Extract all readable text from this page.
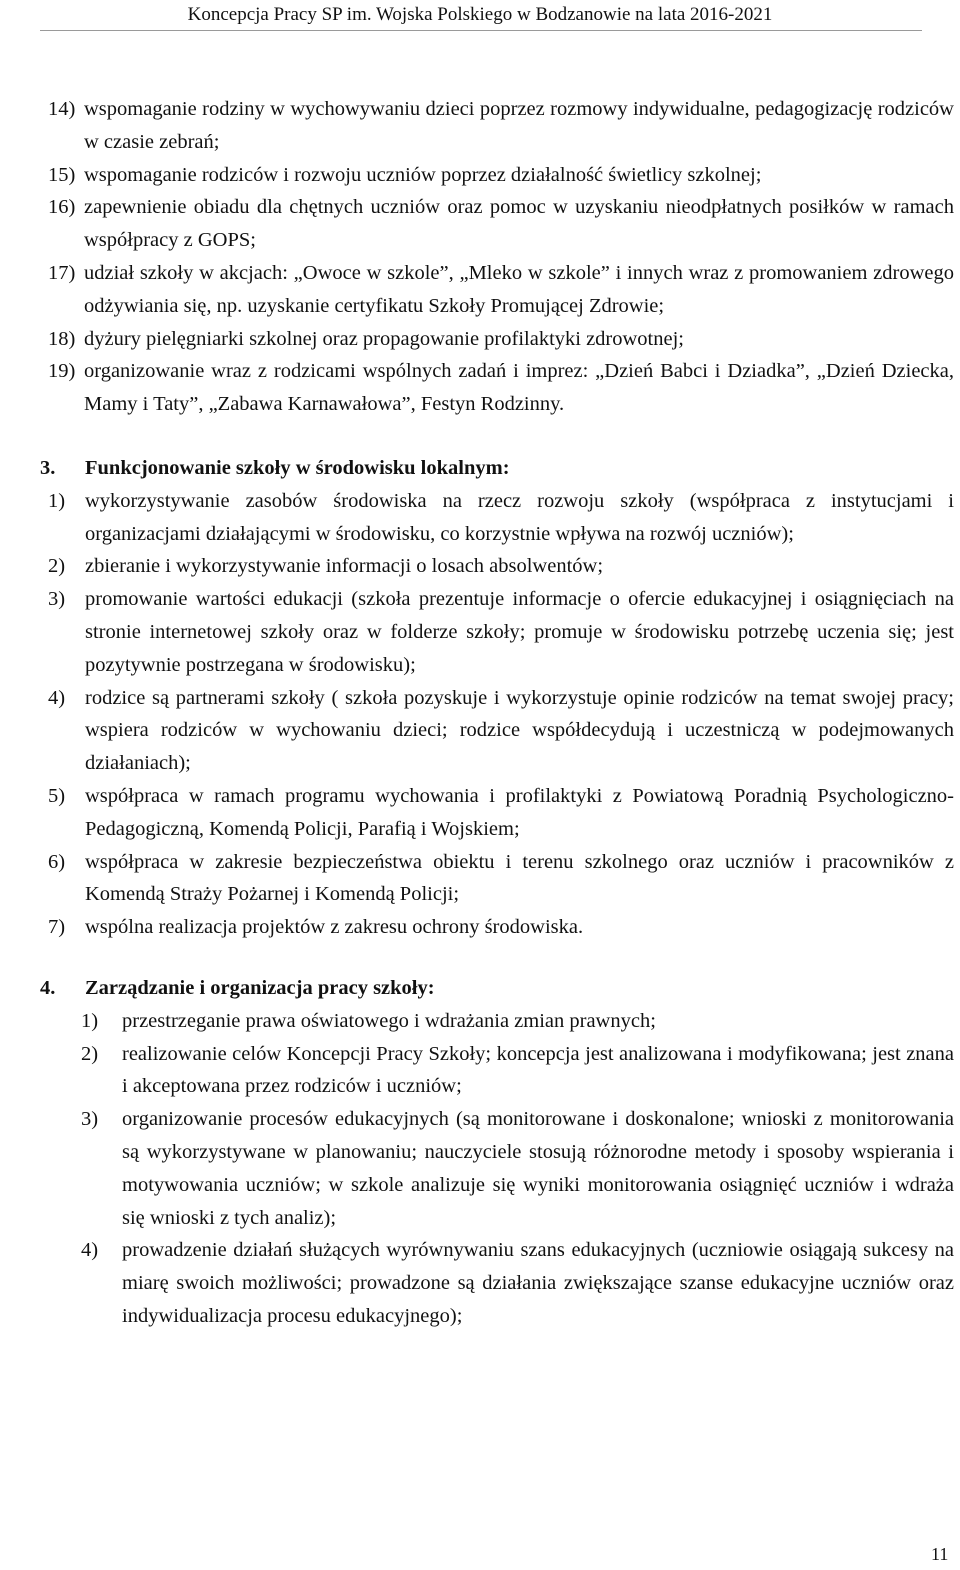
Koncepcja Pracy SP im. Wojska Polskiego w Bodzanowie na lata 2016-2021
14) wspomaganie rodziny w wychowywaniu dzieci poprzez rozmowy indywidualne, pedagogizację rodziców w czasie zebrań;
15) wspomaganie rodziców i rozwoju uczniów poprzez działalność świetlicy szkolnej;
16) zapewnienie obiadu dla chętnych uczniów oraz pomoc w uzyskaniu nieodpłatnych posiłków w ramach współpracy z GOPS;
17) udział szkoły w akcjach: „Owoce w szkole”, „Mleko w szkole” i innych wraz z promowaniem zdrowego odżywiania się, np. uzyskanie certyfikatu Szkoły Promującej Zdrowie;
18) dyżury pielęgniarki szkolnej oraz propagowanie profilaktyki zdrowotnej;
19) organizowanie wraz z rodzicami wspólnych zadań i imprez: „Dzień Babci i Dziadka”, „Dzień Dziecka, Mamy i Taty”, „Zabawa Karnawałowa”, Festyn Rodzinny.
3. Funkcjonowanie szkoły w środowisku lokalnym:
1) wykorzystywanie zasobów środowiska na rzecz rozwoju szkoły (współpraca z instytucjami i organizacjami działającymi w środowisku, co korzystnie wpływa na rozwój uczniów);
2) zbieranie i wykorzystywanie informacji o losach absolwentów;
3) promowanie wartości edukacji (szkoła prezentuje informacje o ofercie edukacyjnej i osiągnięciach na stronie internetowej szkoły oraz w folderze szkoły; promuje w środowisku potrzebę uczenia się; jest pozytywnie postrzegana w środowisku);
4) rodzice są partnerami szkoły ( szkoła pozyskuje i wykorzystuje opinie rodziców na temat swojej pracy; wspiera rodziców w wychowaniu dzieci; rodzice współdecydują i uczestniczą w podejmowanych działaniach);
5) współpraca w ramach programu wychowania i profilaktyki z Powiatową Poradnią Psychologiczno-Pedagogiczną, Komendą Policji, Parafią i Wojskiem;
6) współpraca w zakresie bezpieczeństwa obiektu i terenu szkolnego oraz uczniów i pracowników z Komendą Straży Pożarnej i Komendą Policji;
7) wspólna realizacja projektów z zakresu ochrony środowiska.
4. Zarządzanie i organizacja pracy szkoły:
1) przestrzeganie prawa oświatowego i wdrażania zmian prawnych;
2) realizowanie celów Koncepcji Pracy Szkoły; koncepcja jest analizowana i modyfikowana; jest znana i akceptowana przez rodziców i uczniów;
3) organizowanie procesów edukacyjnych (są monitorowane i doskonalone; wnioski z monitorowania są wykorzystywane w planowaniu; nauczyciele stosują różnorodne metody i sposoby wspierania i motywowania uczniów; w szkole analizuje się wyniki monitorowania osiągnięć uczniów i wdraża się wnioski z tych analiz);
4) prowadzenie działań służących wyrównywaniu szans edukacyjnych (uczniowie osiągają sukcesy na miarę swoich możliwości; prowadzone są działania zwiększające szanse edukacyjne uczniów oraz indywidualizacja procesu edukacyjnego);
11
